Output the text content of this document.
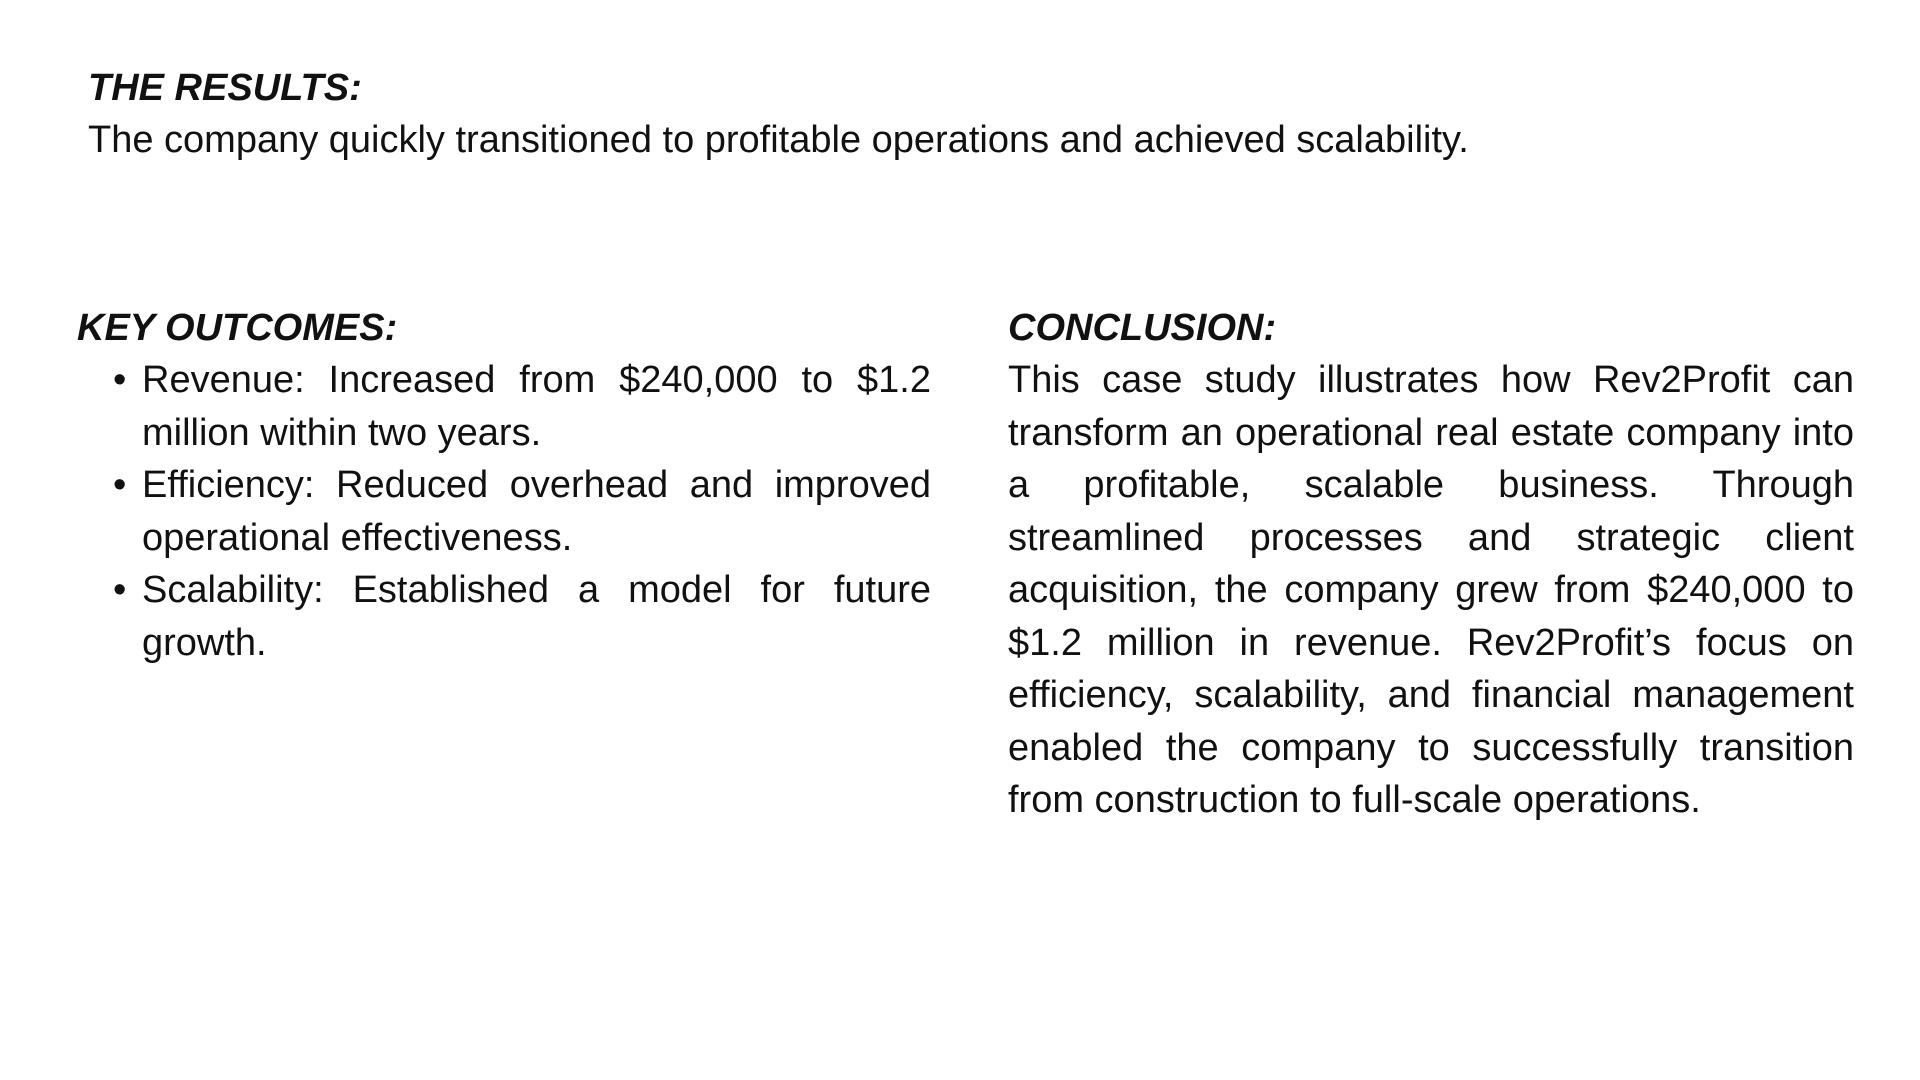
THE RESULTS:

The company quickly transitioned to profitable operations and achieved scalability.

KEY OUTCOMES:
• Revenue: Increased from $240,000 to $1.2 million within two years.
• Efficiency: Reduced overhead and improved operational effectiveness.
• Scalability: Established a model for future growth.
CONCLUSION:

This case study illustrates how Rev2Profit can transform an operational real estate company into a profitable, scalable business. Through streamlined processes and strategic client acquisition, the company grew from $240,000 to $1.2 million in revenue. Rev2Profit’s focus on efficiency, scalability, and financial management enabled the company to successfully transition from construction to full-scale operations.
